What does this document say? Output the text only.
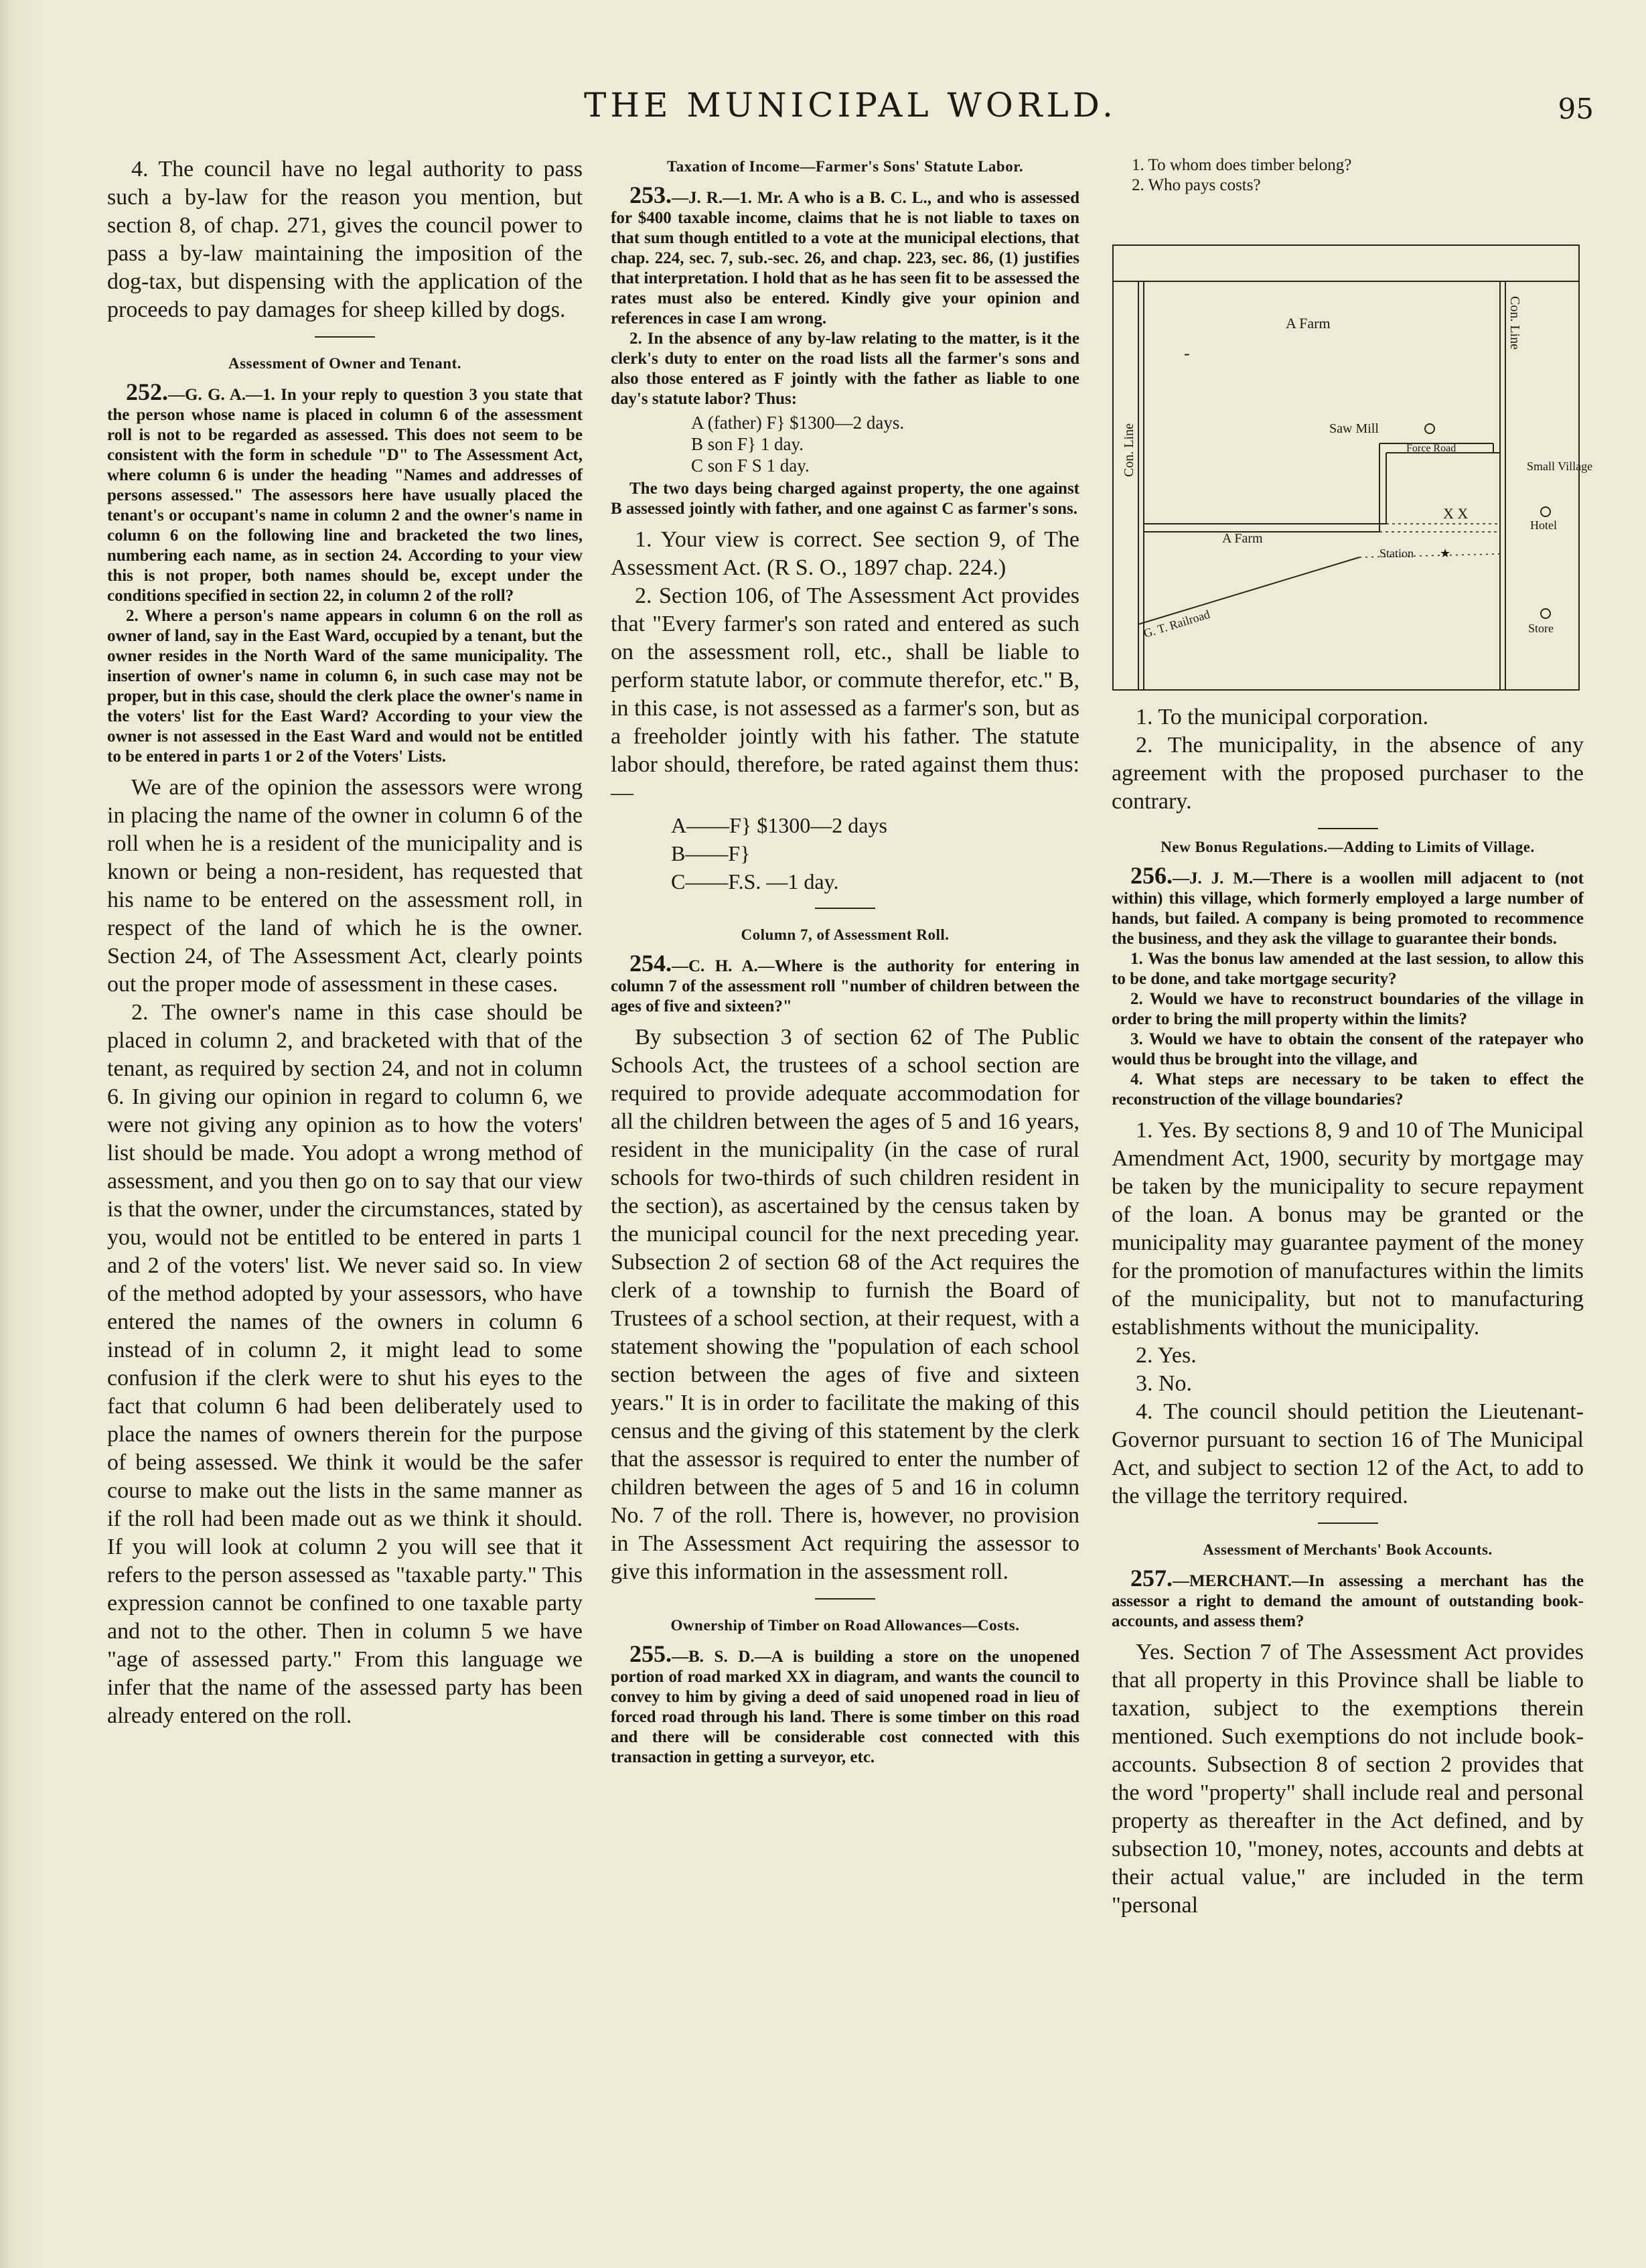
THE MUNICIPAL WORLD.	95

4. The council have no legal authority to pass such a by-law for the reason you mention, but section 8, of chap. 271, gives the council power to pass a by-law maintaining the imposition of the dog-tax, but dispensing with the application of the proceeds to pay damages for sheep killed by dogs.

Assessment of Owner and Tenant.

252.—G. G. A.—1. In your reply to question 3 you state that the person whose name is placed in column 6 of the assessment roll is not to be regarded as assessed. This does not seem to be consistent with the form in schedule "D" to The Assessment Act, where column 6 is under the heading "Names and addresses of persons assessed." The assessors here have usually placed the tenant's or occupant's name in column 2 and the owner's name in column 6 on the following line and bracketed the two lines, numbering each name, as in section 24. According to your view this is not proper, both names should be, except under the conditions specified in section 22, in column 2 of the roll?

2. Where a person's name appears in column 6 on the roll as owner of land, say in the East Ward, occupied by a tenant, but the owner resides in the North Ward of the same municipality. The insertion of owner's name in column 6, in such case may not be proper, but in this case, should the clerk place the owner's name in the voters' list for the East Ward? According to your view the owner is not assessed in the East Ward and would not be entitled to be entered in parts 1 or 2 of the Voters' Lists.

We are of the opinion the assessors were wrong in placing the name of the owner in column 6 of the roll when he is a resident of the municipality and is known or being a non-resident, has requested that his name to be entered on the assessment roll, in respect of the land of which he is the owner. Section 24, of The Assessment Act, clearly points out the proper mode of assessment in these cases.

2. The owner's name in this case should be placed in column 2, and bracketed with that of the tenant, as required by section 24, and not in column 6. In giving our opinion in regard to column 6, we were not giving any opinion as to how the voters' list should be made. You adopt a wrong method of assessment, and you then go on to say that our view is that the owner, under the circumstances, stated by you, would not be entitled to be entered in parts 1 and 2 of the voters' list. We never said so. In view of the method adopted by your assessors, who have entered the names of the owners in column 6 instead of in column 2, it might lead to some confusion if the clerk were to shut his eyes to the fact that column 6 had been deliberately used to place the names of owners therein for the purpose of being assessed. We think it would be the safer course to make out the lists in the same manner as if the roll had been made out as we think it should. If you will look at column 2 you will see that it refers to the person assessed as "taxable party." This expression cannot be confined to one taxable party and not to the other. Then in column 5 we have "age of assessed party." From this language we infer that the name of the assessed party has been already entered on the roll.

Taxation of Income—Farmer's Sons' Statute Labor.

253.—J. R.—1. Mr. A who is a B. C. L., and who is assessed for $400 taxable income, claims that he is not liable to taxes on that sum though entitled to a vote at the municipal elections, that chap. 224, sec. 7, sub.-sec. 26, and chap. 223, sec. 86, (1) justifies that interpretation. I hold that as he has seen fit to be assessed the rates must also be entered. Kindly give your opinion and references in case I am wrong.

2. In the absence of any by-law relating to the matter, is it the clerk's duty to enter on the road lists all the farmer's sons and also those entered as F jointly with the father as liable to one day's statute labor? Thus:

A (father) F} $1300—2 days.
B son F} 1 day.
C son F S 1 day.

The two days being charged against property, the one against B assessed jointly with father, and one against C as farmer's sons.

1. Your view is correct. See section 9, of The Assessment Act. (R S. O., 1897 chap. 224.)

2. Section 106, of The Assessment Act provides that "Every farmer's son rated and entered as such on the assessment roll, etc., shall be liable to perform statute labor, or commute therefor, etc." B, in this case, is not assessed as a farmer's son, but as a freeholder jointly with his father. The statute labor should, therefore, be rated against them thus:—

A——F} $1300—2 days
B——F}
C——F.S. —1 day.
Column 7, of Assessment Roll.

254.—C. H. A.—Where is the authority for entering in column 7 of the assessment roll "number of children between the ages of five and sixteen?"

By subsection 3 of section 62 of The Public Schools Act, the trustees of a school section are required to provide adequate accommodation for all the children between the ages of 5 and 16 years, resident in the municipality (in the case of rural schools for two-thirds of such children resident in the section), as ascertained by the census taken by the municipal council for the next preceding year. Subsection 2 of section 68 of the Act requires the clerk of a township to furnish the Board of Trustees of a school section, at their request, with a statement showing the "population of each school section between the ages of five and sixteen years." It is in order to facilitate the making of this census and the giving of this statement by the clerk that the assessor is required to enter the number of children between the ages of 5 and 16 in column No. 7 of the roll. There is, however, no provision in The Assessment Act requiring the assessor to give this information in the assessment roll.

Ownership of Timber on Road Allowances—Costs.

255.—B. S. D.—A is building a store on the unopened portion of road marked XX in diagram, and wants the council to convey to him by giving a deed of said unopened road in lieu of forced road through his land. There is some timber on this road and there will be considerable cost connected with this transaction in getting a surveyor, etc.

1. To whom does timber belong?
2. Who pays costs?
-
A Farm
Con. Line
Con. Line
Saw Mill
Force Road
Small Village
X X
A Farm
Station ★
Hotel
G. T. Railroad	Store

1. To the municipal corporation.

2. The municipality, in the absence of any agreement with the proposed purchaser to the contrary.

New Bonus Regulations.—Adding to Limits of Village.

256.—J. J. M.—There is a woollen mill adjacent to (not within) this village, which formerly employed a large number of hands, but failed. A company is being promoted to recommence the business, and they ask the village to guarantee their bonds.

1. Was the bonus law amended at the last session, to allow this to be done, and take mortgage security?

2. Would we have to reconstruct boundaries of the village in order to bring the mill property within the limits?

3. Would we have to obtain the consent of the ratepayer who would thus be brought into the village, and

4. What steps are necessary to be taken to effect the reconstruction of the village boundaries?

1. Yes. By sections 8, 9 and 10 of The Municipal Amendment Act, 1900, security by mortgage may be taken by the municipality to secure repayment of the loan. A bonus may be granted or the municipality may guarantee payment of the money for the promotion of manufactures within the limits of the municipality, but not to manufacturing establishments without the municipality.

2. Yes.

3. No.

4. The council should petition the Lieutenant-Governor pursuant to section 16 of The Municipal Act, and subject to section 12 of the Act, to add to the village the territory required.

Assessment of Merchants' Book Accounts.

257.—MERCHANT.—In assessing a merchant has the assessor a right to demand the amount of outstanding book-accounts, and assess them?

Yes. Section 7 of The Assessment Act provides that all property in this Province shall be liable to taxation, subject to the exemptions therein mentioned. Such exemptions do not include book-accounts. Subsection 8 of section 2 provides that the word "property" shall include real and personal property as thereafter in the Act defined, and by subsection 10, "money, notes, accounts and debts at their actual value," are included in the term "personal
